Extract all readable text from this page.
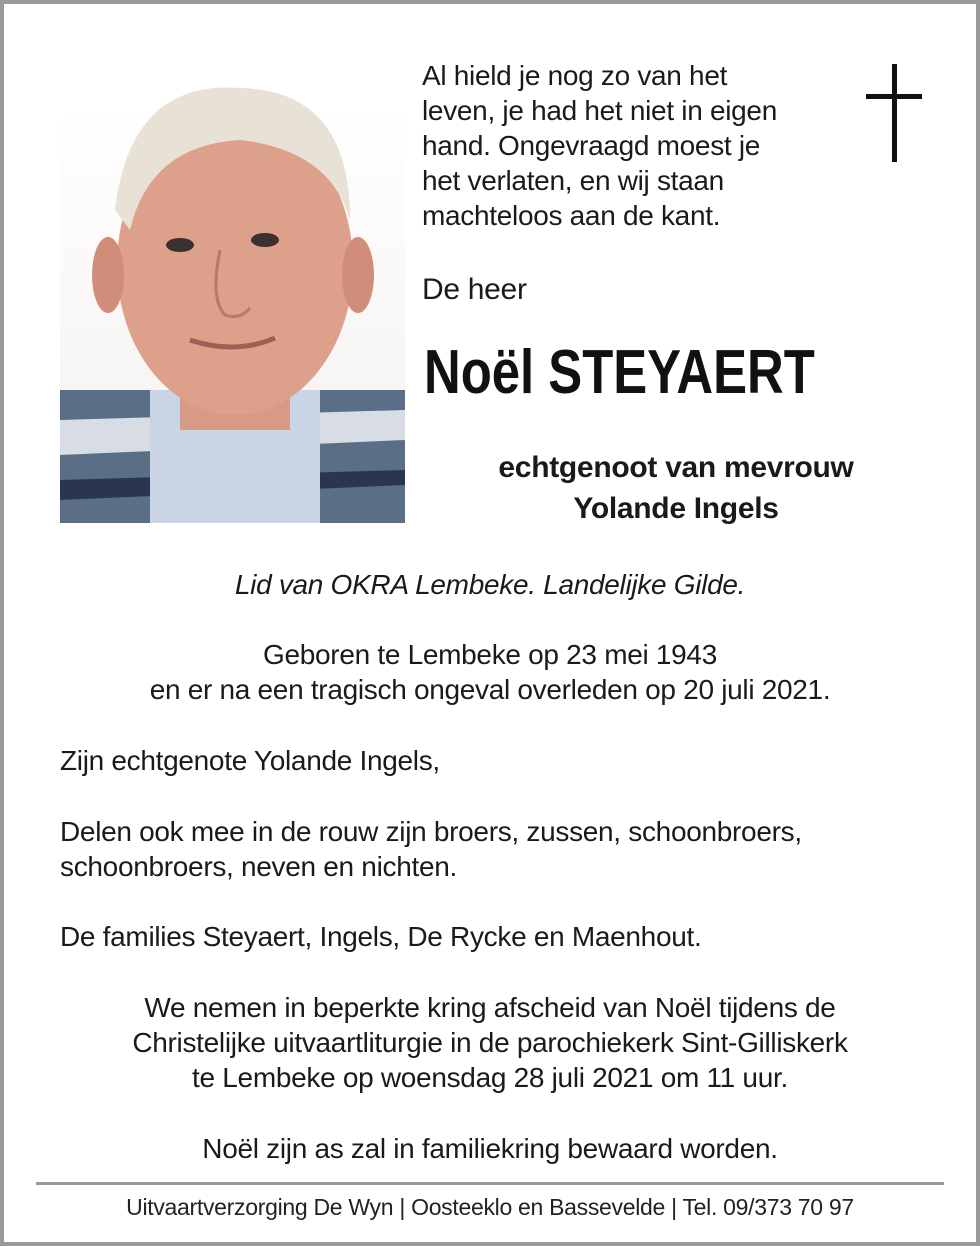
Al hield je nog zo van het
leven, je had het niet in eigen
hand. Ongevraagd moest je
het verlaten, en wij staan
machteloos aan de kant.
De heer
Noël STEYAERT
echtgenoot van mevrouw
Yolande Ingels
Lid van OKRA Lembeke. Landelijke Gilde.
Geboren te Lembeke op 23 mei 1943
en er na een tragisch ongeval overleden op 20 juli 2021.
Zijn echtgenote Yolande Ingels,
Delen ook mee in de rouw zijn broers, zussen, schoonbroers,
schoonbroers, neven en nichten.
De families Steyaert, Ingels, De Rycke en Maenhout.
We nemen in beperkte kring afscheid van Noël tijdens de
Christelijke uitvaartliturgie in de parochiekerk Sint-Gilliskerk
te Lembeke op woensdag 28 juli 2021 om 11 uur.
Noël zijn as zal in familiekring bewaard worden.
Uitvaartverzorging De Wyn | Oosteeklo en Bassevelde | Tel. 09/373 70 97
